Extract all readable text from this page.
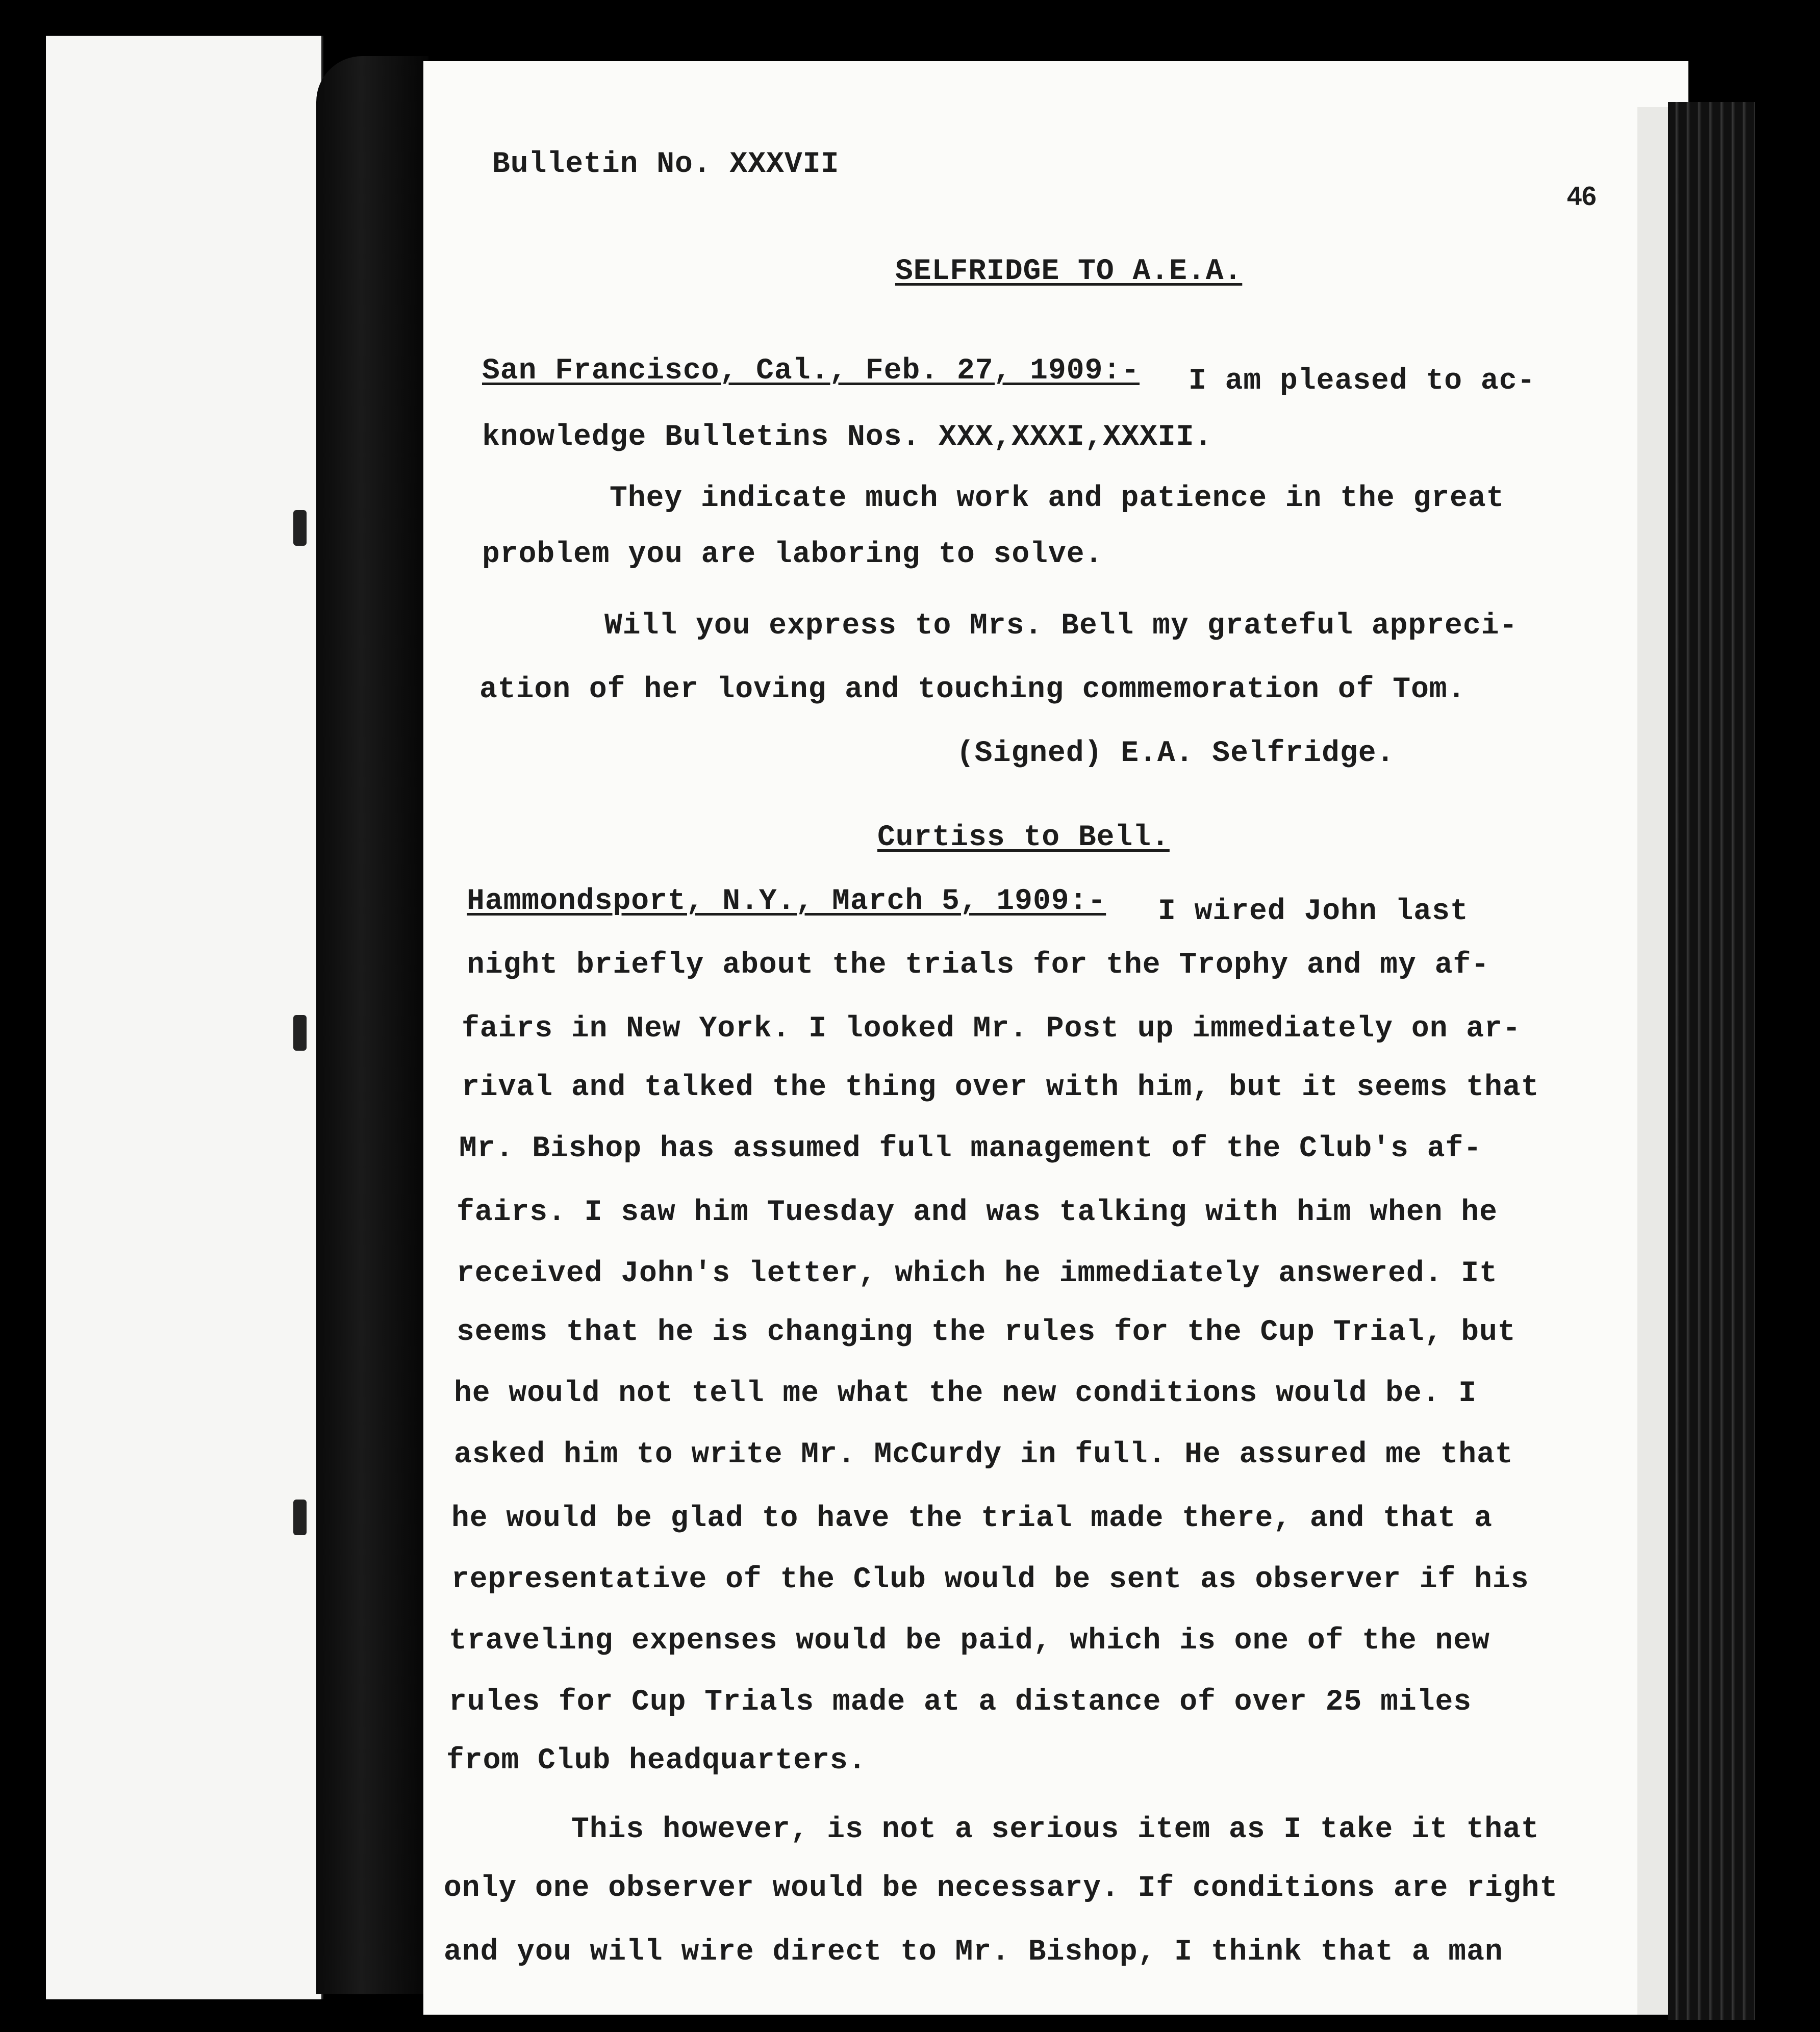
Bulletin No. XXXVII
46
SELFRIDGE TO A.E.A.
San Francisco, Cal., Feb. 27, 1909:- I am pleased to ac-
knowledge Bulletins Nos. XXX,XXXI,XXXII.
They indicate much work and patience in the great
problem you are laboring to solve.
Will you express to Mrs. Bell my grateful appreci-
ation of her loving and touching commemoration of Tom.
(Signed) E.A. Selfridge.
Curtiss to Bell.
Hammondsport, N.Y., March 5, 1909:- I wired John last
night briefly about the trials for the Trophy and my af-
fairs in New York. I looked Mr. Post up immediately on ar-
rival and talked the thing over with him, but it seems that
Mr. Bishop has assumed full management of the Club's af-
fairs. I saw him Tuesday and was talking with him when he
received John's letter, which he immediately answered. It
seems that he is changing the rules for the Cup Trial, but
he would not tell me what the new conditions would be. I
asked him to write Mr. McCurdy in full. He assured me that
he would be glad to have the trial made there, and that a
representative of the Club would be sent as observer if his
traveling expenses would be paid, which is one of the new
rules for Cup Trials made at a distance of over 25 miles
from Club headquarters.
This however, is not a serious item as I take it that
only one observer would be necessary. If conditions are right
and you will wire direct to Mr. Bishop, I think that a man
